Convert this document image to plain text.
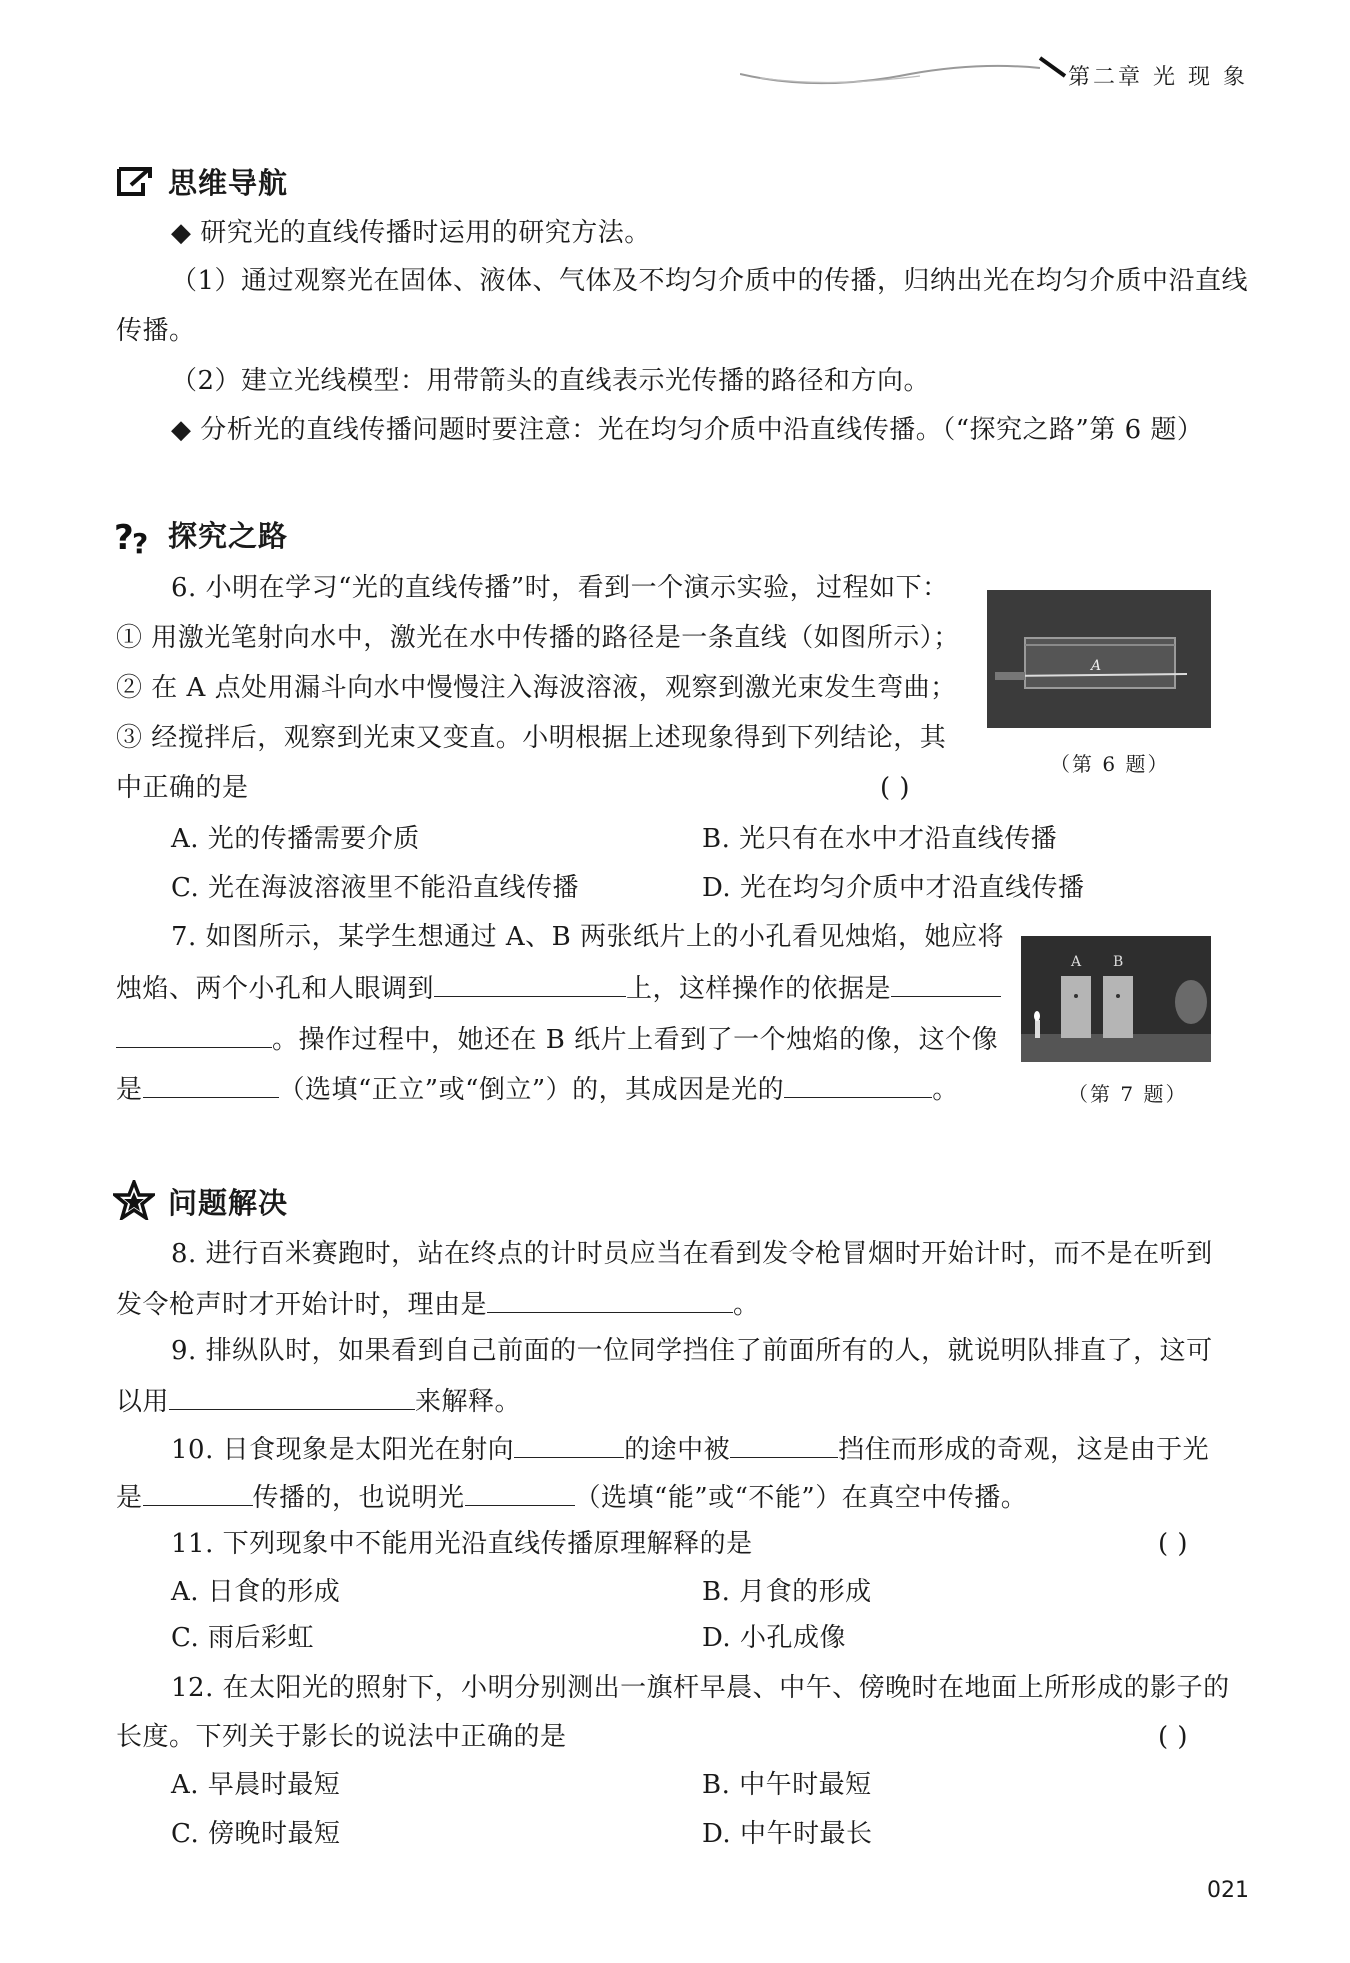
第二章 光 现 象
思维导航
◆ 研究光的直线传播时运用的研究方法。
（1）通过观察光在固体、液体、气体及不均匀介质中的传播，归纳出光在均匀介质中沿直线
传播。
（2）建立光线模型：用带箭头的直线表示光传播的路径和方向。
◆ 分析光的直线传播问题时要注意：光在均匀介质中沿直线传播。（“探究之路”第 6 题）
?
? 探究之路
6. 小明在学习“光的直线传播”时，看到一个演示实验，过程如下：
① 用激光笔射向水中，激光在水中传播的路径是一条直线（如图所示）；
② 在 A 点处用漏斗向水中慢慢注入海波溶液，观察到激光束发生弯曲；
③ 经搅拌后，观察到光束又变直。小明根据上述现象得到下列结论，其
中正确的是	( )
A. 光的传播需要介质	B. 光只有在水中才沿直线传播
C. 光在海波溶液里不能沿直线传播	D. 光在均匀介质中才沿直线传播
A
（第 6 题）
7. 如图所示，某学生想通过 A、B 两张纸片上的小孔看见烛焰，她应将
烛焰、两个小孔和人眼调到	上，这样操作的依据是
。操作过程中，她还在 B 纸片上看到了一个烛焰的像，这个像
是	（选填“正立”或“倒立”）的，其成因是光的	。
A B
（第 7 题）
问题解决
8. 进行百米赛跑时，站在终点的计时员应当在看到发令枪冒烟时开始计时，而不是在听到
发令枪声时才开始计时，理由是	。
9. 排纵队时，如果看到自己前面的一位同学挡住了前面所有的人，就说明队排直了，这可
以用	来解释。
10. 日食现象是太阳光在射向	的途中被	挡住而形成的奇观，这是由于光
是	传播的，也说明光	（选填“能”或“不能”）在真空中传播。
11. 下列现象中不能用光沿直线传播原理解释的是	( )
A. 日食的形成	B. 月食的形成
C. 雨后彩虹	D. 小孔成像
12. 在太阳光的照射下，小明分别测出一旗杆早晨、中午、傍晚时在地面上所形成的影子的
长度。下列关于影长的说法中正确的是	( )
A. 早晨时最短	B. 中午时最短
C. 傍晚时最短	D. 中午时最长
021
